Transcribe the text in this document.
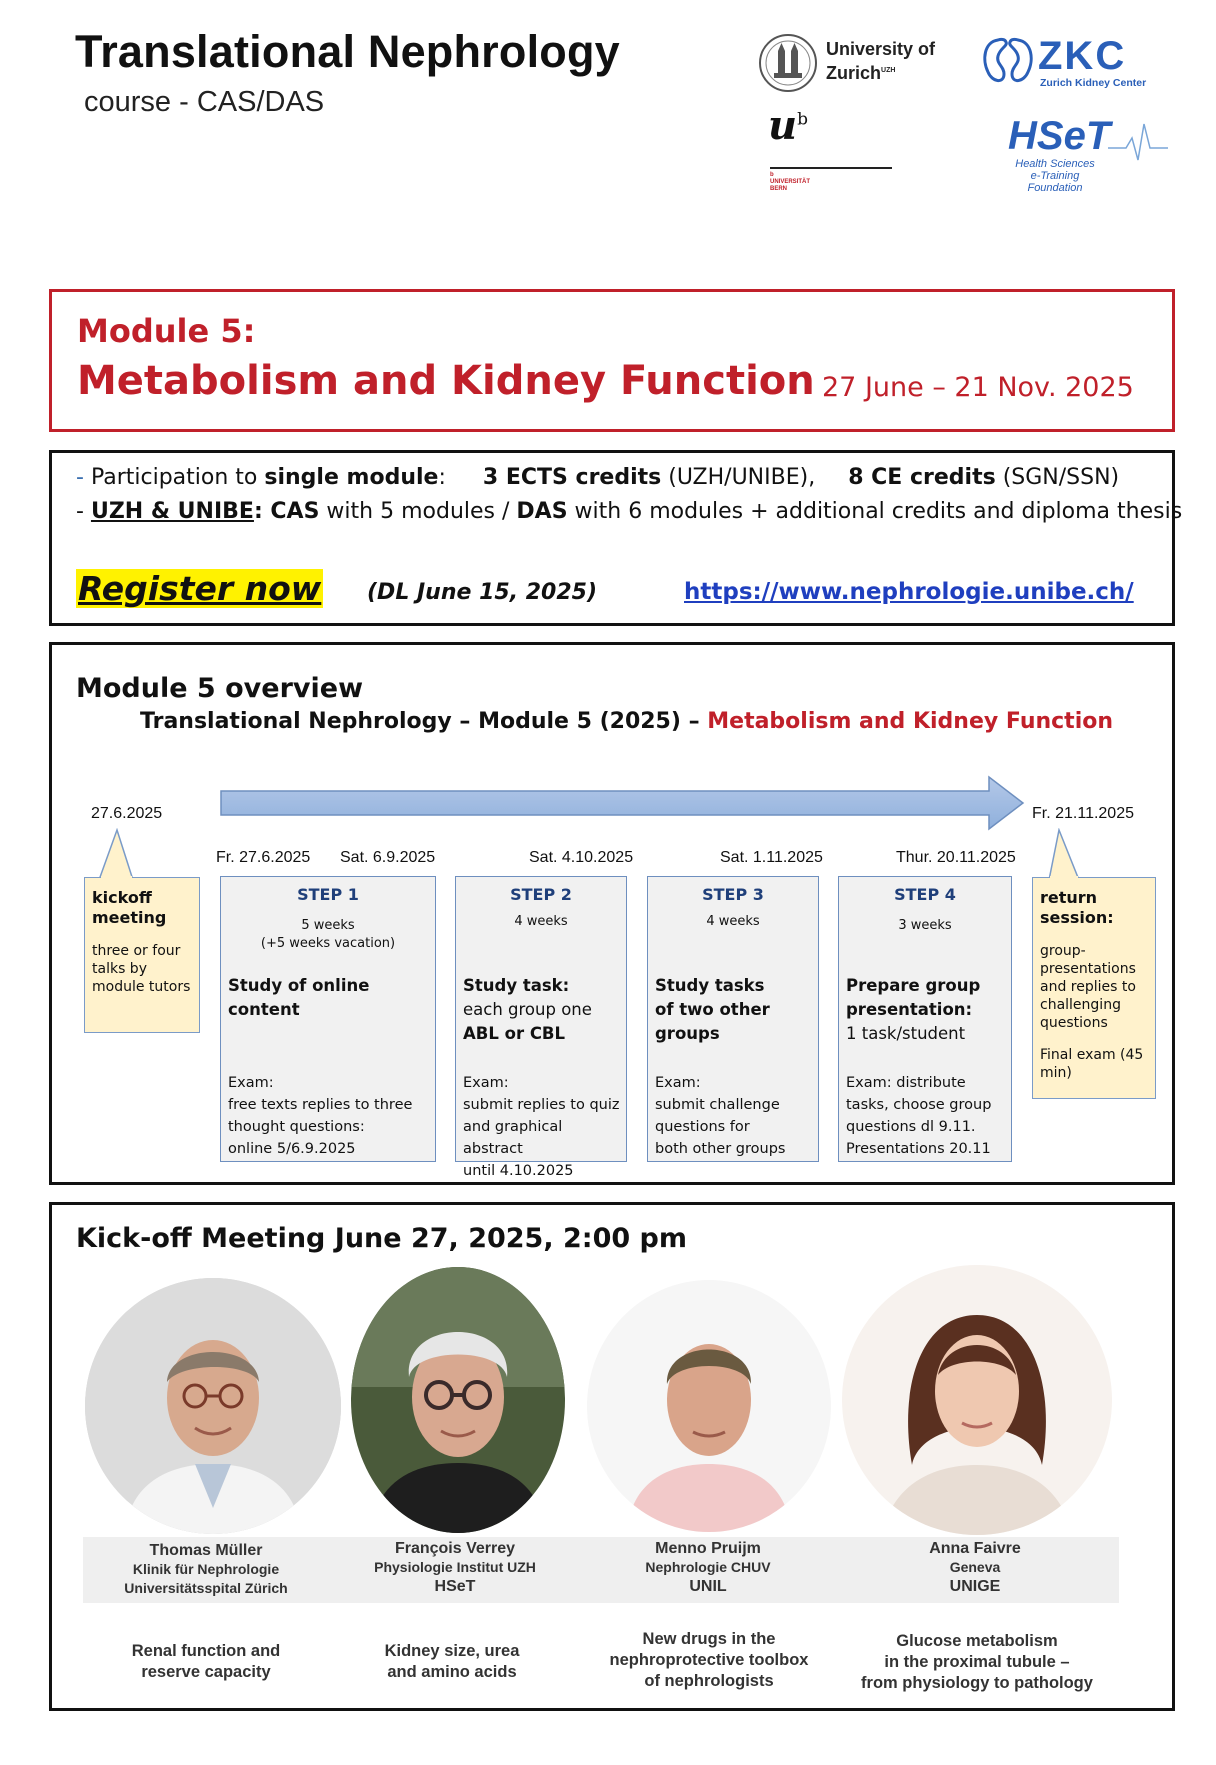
Translational Nephrology
course - CAS/DAS
University of
Zurich$^{UZH}$	ZKC
Zurich Kidney Center
$u^b$
b
UNIVERSITÄT
BERN
HSeT
Health Sciences
e-Training
Foundation
Module 5:
Metabolism and Kidney Function 27 June – 21 Nov. 2025
- Participation to single module: 3 ECTS credits (UZH/UNIBE), 8 CE credits (SGN/SSN)
- UZH & UNIBE: CAS with 5 modules / DAS with 6 modules + additional credits and diploma thesis
Register now (DL June 15, 2025)	https://www.nephrologie.unibe.ch/
Module 5 overview
Translational Nephrology – Module 5 (2025) – Metabolism and Kidney Function
27.6.2025	Fr. 21.11.2025
Fr. 27.6.2025 Sat. 6.9.2025	Sat. 4.10.2025	Sat. 1.11.2025	Thur. 20.11.2025
kickoff meeting
three or four talks by module tutors
return session:
group-presentations and replies to challenging questions
Final exam (45 min)
STEP 1
5 weeks
(+5 weeks vacation)
Study of online content
Exam:
free texts replies to three
thought questions:
online 5/6.9.2025
STEP 2
4 weeks
Study task:
each group one
ABL or CBL
Exam:
submit replies to quiz
and graphical abstract
until 4.10.2025
STEP 3
4 weeks
Study tasks
of two other
groups
Exam:
submit challenge
questions for
both other groups
STEP 4
3 weeks
Prepare group
presentation:
1 task/student
Exam: distribute
tasks, choose group
questions dl 9.11.
Presentations 20.11
Kick-off Meeting June 27, 2025, 2:00 pm
Thomas Müller
Klinik für Nephrologie
Universitätsspital Zürich
François Verrey
Physiologie Institut UZH
HSeT
Menno Pruijm
Nephrologie CHUV
UNIL
Anna Faivre
Geneva
UNIGE
Renal function and
reserve capacity
Kidney size, urea
and amino acids
New drugs in the
nephroprotective toolbox
of nephrologists
Glucose metabolism
in the proximal tubule –
from physiology to pathology
